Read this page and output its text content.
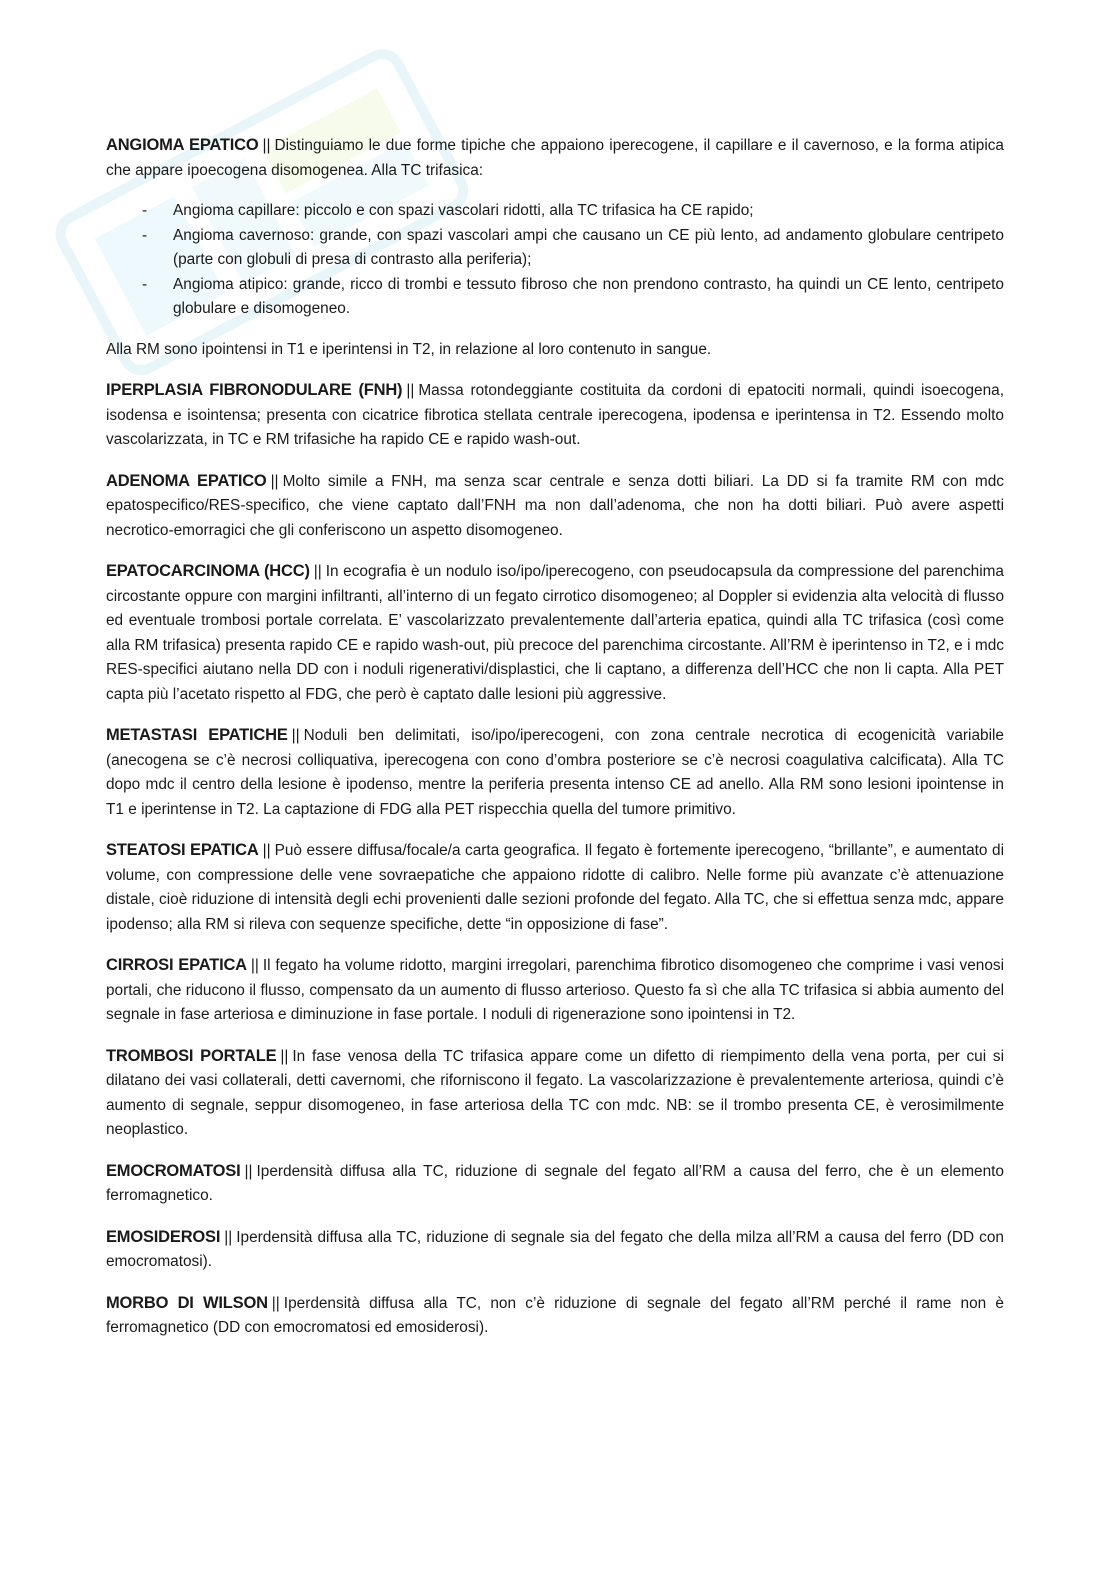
ANGIOMA EPATICO || Distinguiamo le due forme tipiche che appaiono iperecogene, il capillare e il cavernoso, e la forma atipica che appare ipoecogena disomogenea. Alla TC trifasica:

- Angioma capillare: piccolo e con spazi vascolari ridotti, alla TC trifasica ha CE rapido;
- Angioma cavernoso: grande, con spazi vascolari ampi che causano un CE più lento, ad andamento globulare centripeto (parte con globuli di presa di contrasto alla periferia);
- Angioma atipico: grande, ricco di trombi e tessuto fibroso che non prendono contrasto, ha quindi un CE lento, centripeto globulare e disomogeneo.

Alla RM sono ipointensi in T1 e iperintensi in T2, in relazione al loro contenuto in sangue.

IPERPLASIA FIBRONODULARE (FNH) || Massa rotondeggiante costituita da cordoni di epatociti normali, quindi isoecogena, isodensa e isointensa; presenta con cicatrice fibrotica stellata centrale iperecogena, ipodensa e iperintensa in T2. Essendo molto vascolarizzata, in TC e RM trifasiche ha rapido CE e rapido wash-out.

ADENOMA EPATICO || Molto simile a FNH, ma senza scar centrale e senza dotti biliari. La DD si fa tramite RM con mdc epatospecifico/RES-specifico, che viene captato dall’FNH ma non dall’adenoma, che non ha dotti biliari. Può avere aspetti necrotico-emorragici che gli conferiscono un aspetto disomogeneo.

EPATOCARCINOMA (HCC) || In ecografia è un nodulo iso/ipo/iperecogeno, con pseudocapsula da compressione del parenchima circostante oppure con margini infiltranti, all’interno di un fegato cirrotico disomogeneo; al Doppler si evidenzia alta velocità di flusso ed eventuale trombosi portale correlata. E’ vascolarizzato prevalentemente dall’arteria epatica, quindi alla TC trifasica (così come alla RM trifasica) presenta rapido CE e rapido wash-out, più precoce del parenchima circostante. All’RM è iperintenso in T2, e i mdc RES-specifici aiutano nella DD con i noduli rigenerativi/displastici, che li captano, a differenza dell’HCC che non li capta. Alla PET capta più l’acetato rispetto al FDG, che però è captato dalle lesioni più aggressive.

METASTASI EPATICHE || Noduli ben delimitati, iso/ipo/iperecogeni, con zona centrale necrotica di ecogenicità variabile (anecogena se c’è necrosi colliquativa, iperecogena con cono d’ombra posteriore se c’è necrosi coagulativa calcificata). Alla TC dopo mdc il centro della lesione è ipodenso, mentre la periferia presenta intenso CE ad anello. Alla RM sono lesioni ipointense in T1 e iperintense in T2. La captazione di FDG alla PET rispecchia quella del tumore primitivo.

STEATOSI EPATICA || Può essere diffusa/focale/a carta geografica. Il fegato è fortemente iperecogeno, “brillante”, e aumentato di volume, con compressione delle vene sovraepatiche che appaiono ridotte di calibro. Nelle forme più avanzate c’è attenuazione distale, cioè riduzione di intensità degli echi provenienti dalle sezioni profonde del fegato. Alla TC, che si effettua senza mdc, appare ipodenso; alla RM si rileva con sequenze specifiche, dette “in opposizione di fase”.

CIRROSI EPATICA || Il fegato ha volume ridotto, margini irregolari, parenchima fibrotico disomogeneo che comprime i vasi venosi portali, che riducono il flusso, compensato da un aumento di flusso arterioso. Questo fa sì che alla TC trifasica si abbia aumento del segnale in fase arteriosa e diminuzione in fase portale. I noduli di rigenerazione sono ipointensi in T2.

TROMBOSI PORTALE || In fase venosa della TC trifasica appare come un difetto di riempimento della vena porta, per cui si dilatano dei vasi collaterali, detti cavernomi, che riforniscono il fegato. La vascolarizzazione è prevalentemente arteriosa, quindi c’è aumento di segnale, seppur disomogeneo, in fase arteriosa della TC con mdc. NB: se il trombo presenta CE, è verosimilmente neoplastico.

EMOCROMATOSI || Iperdensità diffusa alla TC, riduzione di segnale del fegato all’RM a causa del ferro, che è un elemento ferromagnetico.

EMOSIDEROSI || Iperdensità diffusa alla TC, riduzione di segnale sia del fegato che della milza all’RM a causa del ferro (DD con emocromatosi).

MORBO DI WILSON || Iperdensità diffusa alla TC, non c’è riduzione di segnale del fegato all’RM perché il rame non è ferromagnetico (DD con emocromatosi ed emosiderosi).
